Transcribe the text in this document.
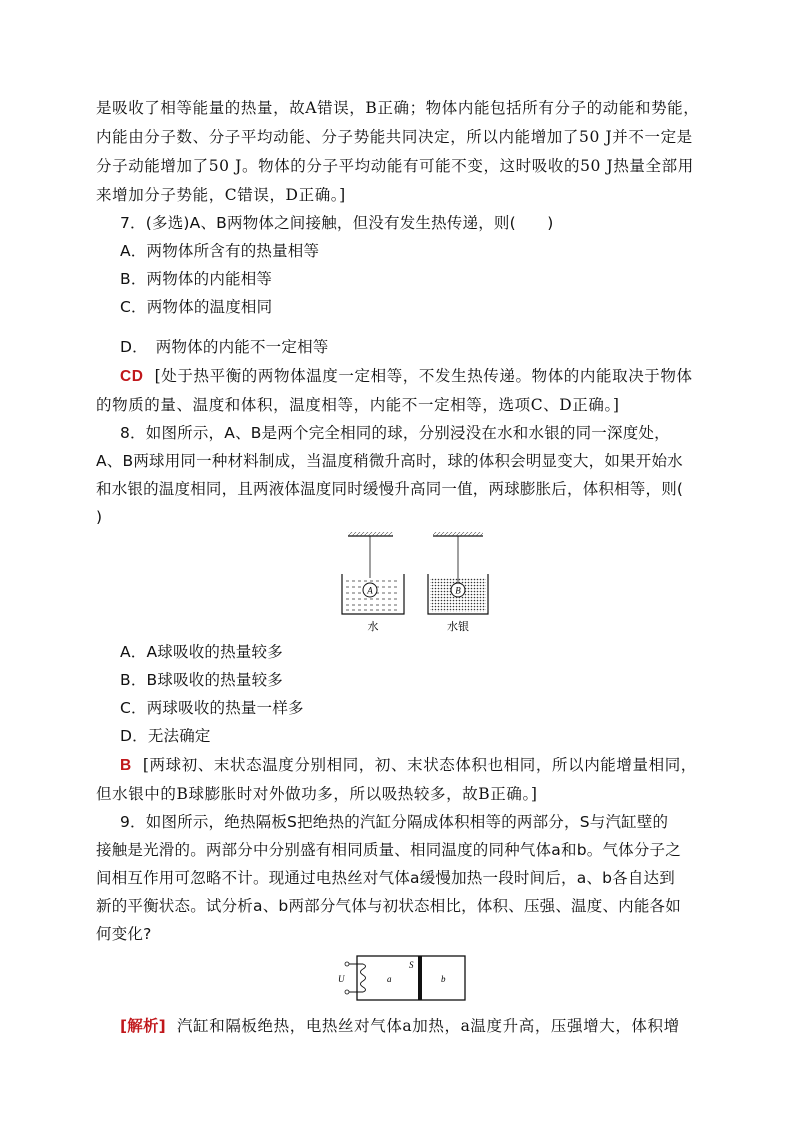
是吸收了相等能量的热量，故A错误，B正确；物体内能包括所有分子的动能和势能，
内能由分子数、分子平均动能、分子势能共同决定，所以内能增加了50 J并不一定是
分子动能增加了50 J。物体的分子平均动能有可能不变，这时吸收的50 J热量全部用
来增加分子势能，C错误，D正确。]
7．(多选)A、B两物体之间接触，但没有发生热传递，则(　　)
A．两物体所含有的热量相等
B．两物体的内能相等
C．两物体的温度相同
D．　两物体的内能不一定相等
CD [处于热平衡的两物体温度一定相等，不发生热传递。物体的内能取决于物体
的物质的量、温度和体积，温度相等，内能不一定相等，选项C、D正确。]
8．如图所示，A、B是两个完全相同的球，分别浸没在水和水银的同一深度处，
A、B两球用同一种材料制成，当温度稍微升高时，球的体积会明显变大，如果开始水
和水银的温度相同，且两液体温度同时缓慢升高同一值，两球膨胀后，体积相等，则(
)
A	B
水	水银
A．A球吸收的热量较多
B．B球吸收的热量较多
C．两球吸收的热量一样多
D．无法确定
B [两球初、末状态温度分别相同，初、末状态体积也相同，所以内能增量相同，
但水银中的B球膨胀时对外做功多，所以吸热较多，故B正确。]
9．如图所示，绝热隔板S把绝热的汽缸分隔成体积相等的两部分，S与汽缸壁的
接触是光滑的。两部分中分别盛有相同质量、相同温度的同种气体a和b。气体分子之
间相互作用可忽略不计。现通过电热丝对气体a缓慢加热一段时间后，a、b各自达到
新的平衡状态。试分析a、b两部分气体与初状态相比，体积、压强、温度、内能各如
何变化?
U	a
S
b
[解析] 汽缸和隔板绝热，电热丝对气体a加热，a温度升高，压强增大，体积增
